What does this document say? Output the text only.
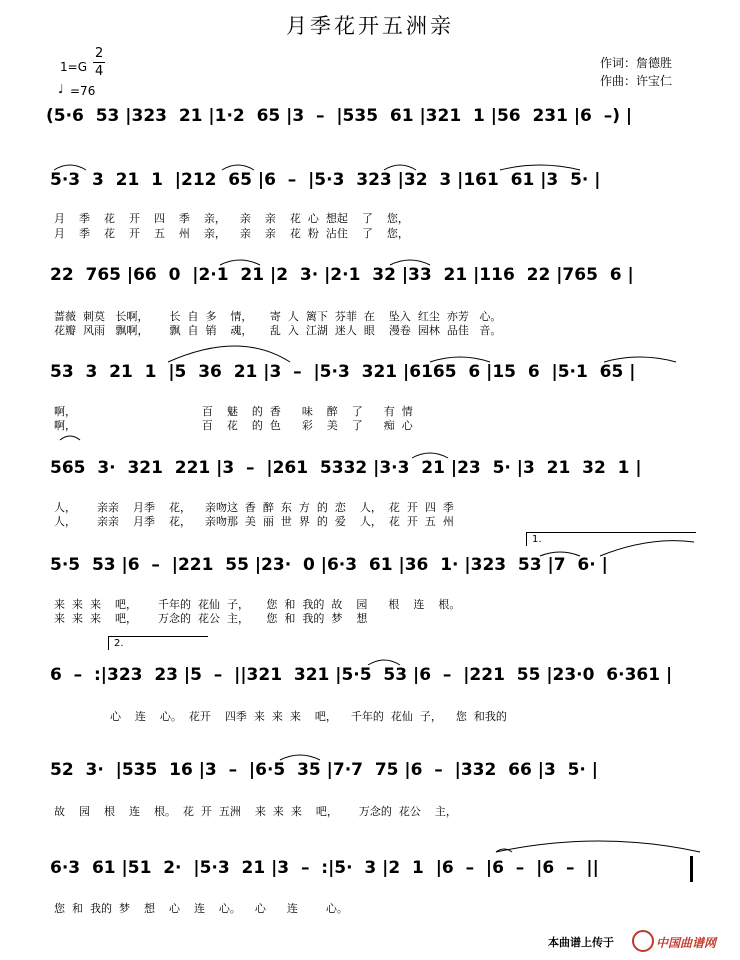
月季花开五洲亲
1=G
2
4
♩ =76
作词：詹德胜
作曲：许宝仁
(5·6  53 |323  21 |1·2  65 |3  –  |535  61 |321  1 |56  231 |6  –) |
5·3  3  21  1  |212  65 |6  –  |5·3  323 |32  3 |161  61 |3  5· |
月    季    花    开    四    季    亲，    亲    亲    花  心  想起    了    您，
月    季    花    开    五    州    亲，    亲    亲    花  粉  沾住    了    您，
22  765 |66  0  |2·1  21 |2  3· |2·1  32 |33  21 |116  22 |765  6 |
蔷薇  刺莫   长啊，      长  自  多    情，     寄  人  篱下  芬菲  在    坠入  红尘  亦芳   心。
花瓣  风雨   飘啊，      飘  自  销    魂，     乱  入  江湖  迷人  眼    漫卷  园林  品佳   音。
53  3  21  1  |5  36  21 |3  –  |5·3  321 |6165  6 |15  6  |5·1  65 |
啊，                                    百    魅    的  香      味    醉    了      有  情
啊，                                    百    花    的  色      彩    美    了      痴  心
565  3·  321  221 |3  –  |261  5332 |3·3  21 |23  5· |3  21  32  1 |
人，      亲亲    月季    花，    亲吻这  香  醉  东  方  的  恋    人，  花  开  四  季
人，      亲亲    月季    花，    亲吻那  美  丽  世  界  的  爱    人，  花  开  五  州
5·5  53 |6  –  |221  55 |23·  0 |6·3  61 |36  1· |323  53 |7  6· |
来  来  来    吧，      千年的  花仙  子，     您  和  我的  故    园      根    连    根。
来  来  来    吧，      万念的  花公  主，     您  和  我的  梦    想
1.
2.
6  –  :|323  23 |5  –  ||321  321 |5·5  53 |6  –  |221  55 |23·0  6·361 |
心    连    心。  花开    四季  来  来  来    吧，    千年的  花仙  子，    您  和我的
52  3·  |535  16 |3  –  |6·5  35 |7·7  75 |6  –  |332  66 |3  5· |
故    园    根    连    根。  花  开  五洲    来  来  来    吧，      万念的  花公    主，
6·3  61 |51  2·  |5·3  21 |3  –  :|5·  3 |2  1  |6  –  |6  –  |6  –  ||
您  和  我的  梦    想    心    连    心。    心      连        心。
本曲谱上传于	中国曲谱网
